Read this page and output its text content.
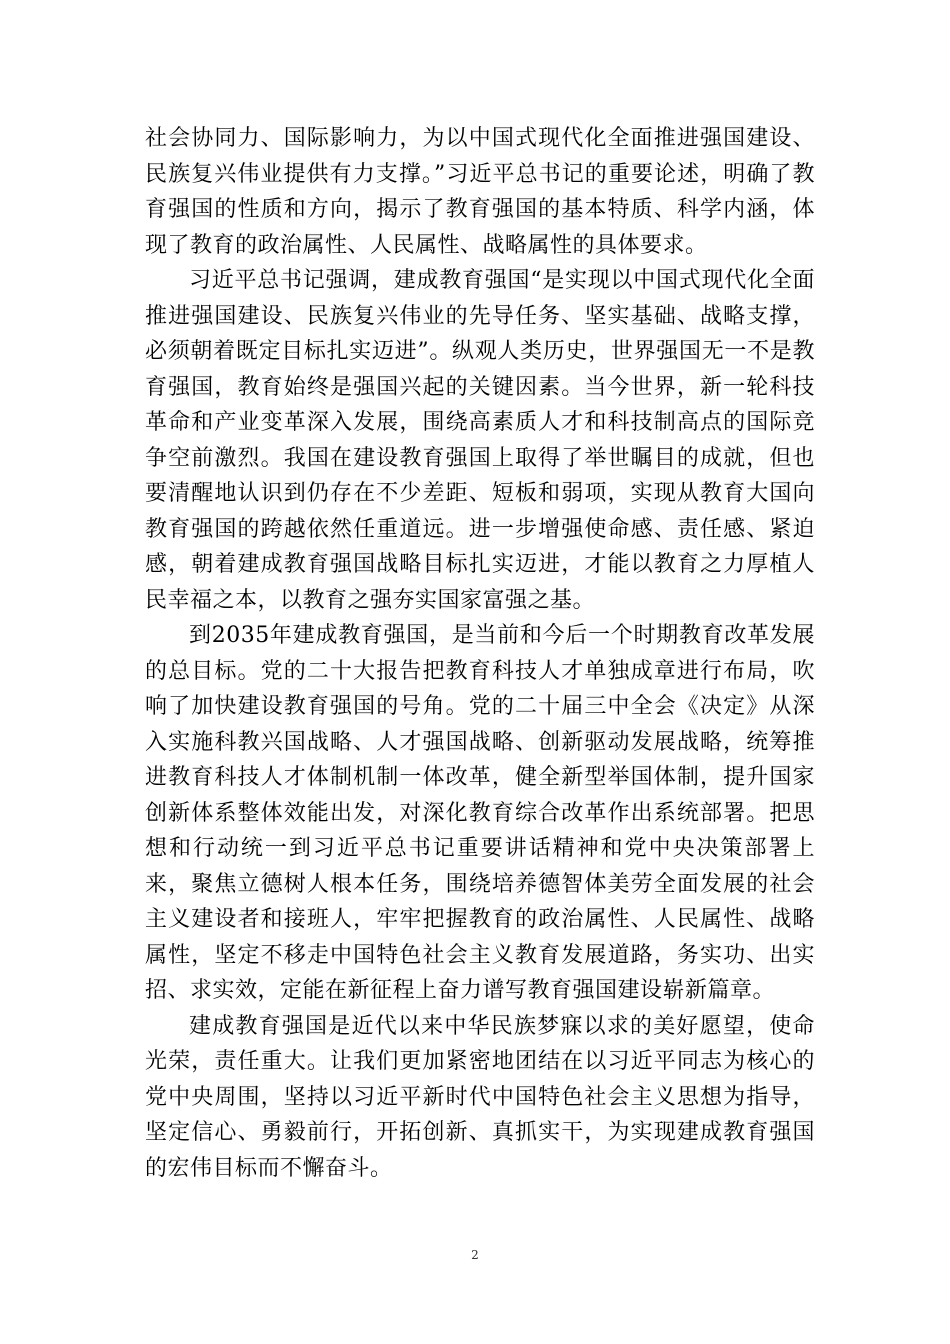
社会协同力、国际影响力，为以中国式现代化全面推进强国建设、民族复兴伟业提供有力支撑。”习近平总书记的重要论述，明确了教育强国的性质和方向，揭示了教育强国的基本特质、科学内涵，体现了教育的政治属性、人民属性、战略属性的具体要求。

习近平总书记强调，建成教育强国“是实现以中国式现代化全面推进强国建设、民族复兴伟业的先导任务、坚实基础、战略支撑，必须朝着既定目标扎实迈进”。纵观人类历史，世界强国无一不是教育强国，教育始终是强国兴起的关键因素。当今世界，新一轮科技革命和产业变革深入发展，围绕高素质人才和科技制高点的国际竞争空前激烈。我国在建设教育强国上取得了举世瞩目的成就，但也要清醒地认识到仍存在不少差距、短板和弱项，实现从教育大国向教育强国的跨越依然任重道远。进一步增强使命感、责任感、紧迫感，朝着建成教育强国战略目标扎实迈进，才能以教育之力厚植人民幸福之本，以教育之强夯实国家富强之基。

到2035年建成教育强国，是当前和今后一个时期教育改革发展的总目标。党的二十大报告把教育科技人才单独成章进行布局，吹响了加快建设教育强国的号角。党的二十届三中全会《决定》从深入实施科教兴国战略、人才强国战略、创新驱动发展战略，统筹推进教育科技人才体制机制一体改革，健全新型举国体制，提升国家创新体系整体效能出发，对深化教育综合改革作出系统部署。把思想和行动统一到习近平总书记重要讲话精神和党中央决策部署上来，聚焦立德树人根本任务，围绕培养德智体美劳全面发展的社会主义建设者和接班人，牢牢把握教育的政治属性、人民属性、战略属性，坚定不移走中国特色社会主义教育发展道路，务实功、出实招、求实效，定能在新征程上奋力谱写教育强国建设崭新篇章。

建成教育强国是近代以来中华民族梦寐以求的美好愿望，使命光荣，责任重大。让我们更加紧密地团结在以习近平同志为核心的党中央周围，坚持以习近平新时代中国特色社会主义思想为指导，坚定信心、勇毅前行，开拓创新、真抓实干，为实现建成教育强国的宏伟目标而不懈奋斗。

2
